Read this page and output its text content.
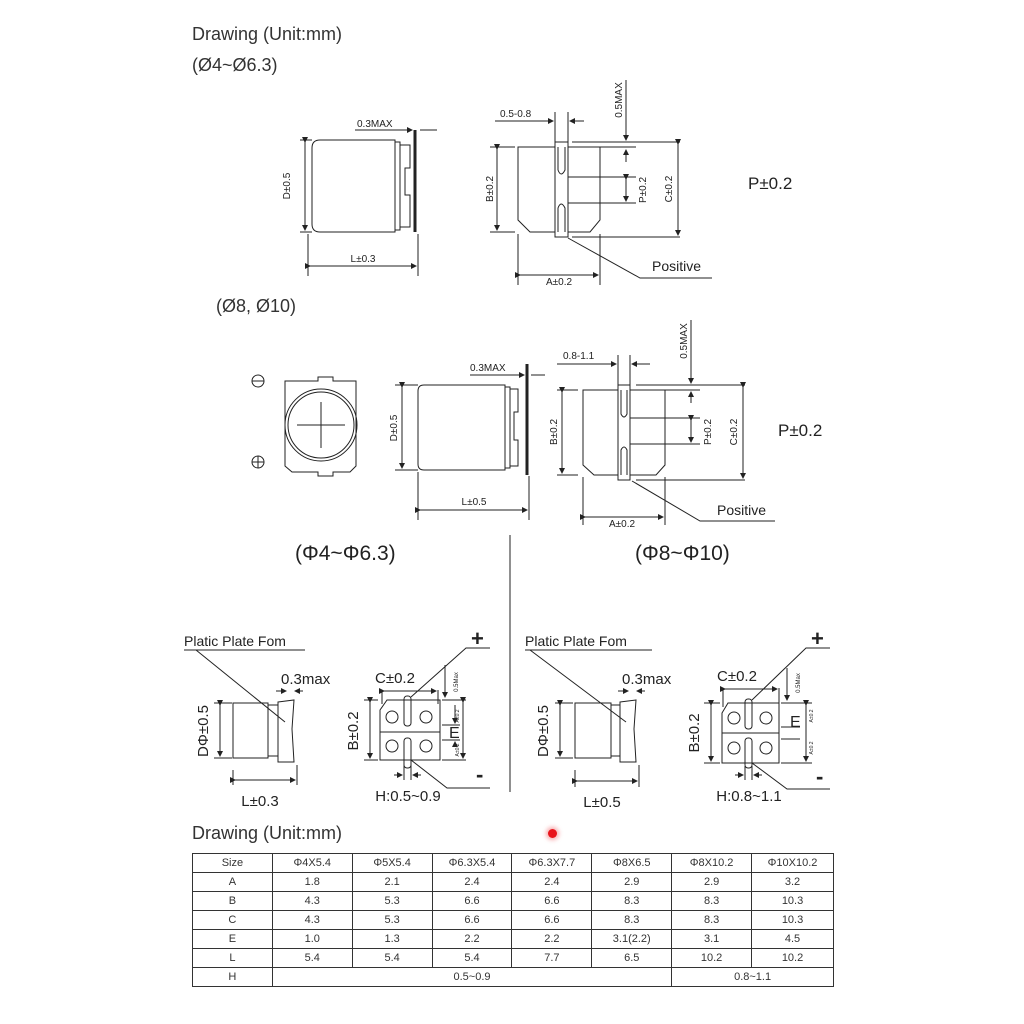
Drawing (Unit:mm)
(Ø4~Ø6.3)
(Ø8, Ø10)
0.3MAX
D±0.5
L±0.3
0.5-0.8	0.5MAX
B±0.2	P±0.2 C±0.2
A±0.2
Positive
0.3MAX
D±0.5
L±0.5
0.8-1.1	0.5MAX
B±0.2	P±0.2 C±0.2
A±0.2
Positive
Platic Plate Fom
0.3max
DΦ±0.5
L±0.3
C±0.2
B±0.2	E
0.5Max
A±0.2
A±0.2
+
-
H:0.5~0.9
Platic Plate Fom
0.3max
DΦ±0.5
L±0.5
C±0.2
B±0.2	E
0.5Max
A±0.2
A±0.2
+
-
H:0.8~1.1
P±0.2
P±0.2
(Φ4~Φ6.3)	(Φ8~Φ10)
Drawing (Unit:mm)
Size	Φ4X5.4	Φ5X5.4	Φ6.3X5.4	Φ6.3X7.7	Φ8X6.5	Φ8X10.2	Φ10X10.2
A	1.8	2.1	2.4	2.4	2.9	2.9	3.2
B	4.3	5.3	6.6	6.6	8.3	8.3	10.3
C	4.3	5.3	6.6	6.6	8.3	8.3	10.3
E	1.0	1.3	2.2	2.2	3.1(2.2)	3.1	4.5
L	5.4	5.4	5.4	7.7	6.5	10.2	10.2
H	0.5~0.9					0.8~1.1	
